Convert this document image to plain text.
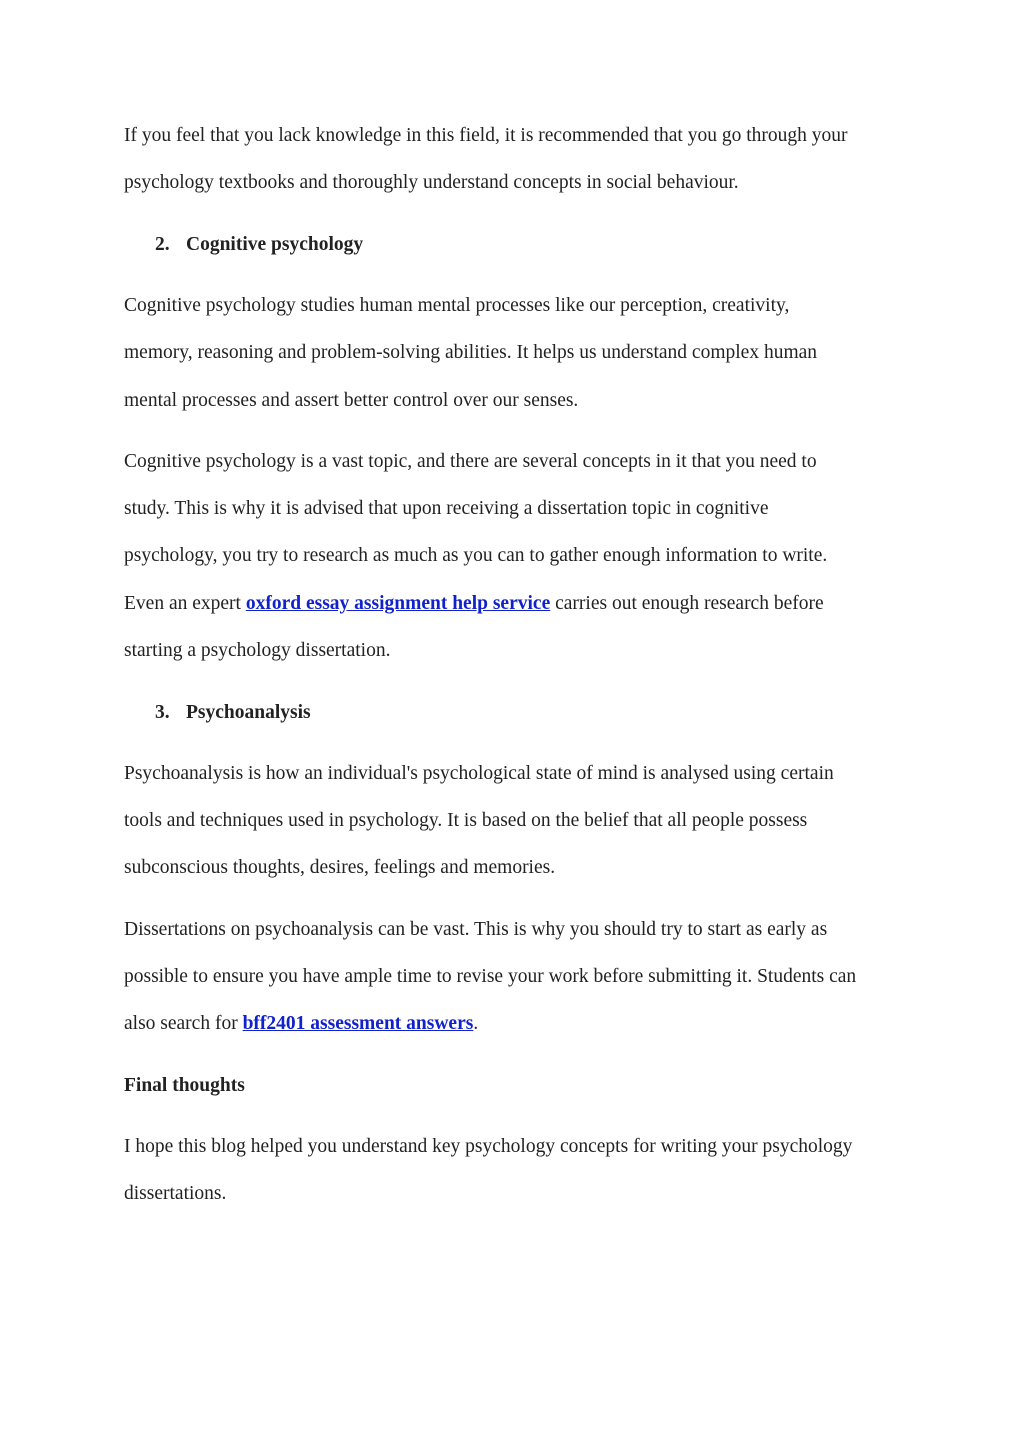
If you feel that you lack knowledge in this field, it is recommended that you go through your
psychology textbooks and thoroughly understand concepts in social behaviour.
2. Cognitive psychology
Cognitive psychology studies human mental processes like our perception, creativity,
memory, reasoning and problem-solving abilities. It helps us understand complex human
mental processes and assert better control over our senses.
Cognitive psychology is a vast topic, and there are several concepts in it that you need to
study. This is why it is advised that upon receiving a dissertation topic in cognitive
psychology, you try to research as much as you can to gather enough information to write.
Even an expert oxford essay assignment help service carries out enough research before
starting a psychology dissertation.
3. Psychoanalysis
Psychoanalysis is how an individual's psychological state of mind is analysed using certain
tools and techniques used in psychology. It is based on the belief that all people possess
subconscious thoughts, desires, feelings and memories.
Dissertations on psychoanalysis can be vast. This is why you should try to start as early as
possible to ensure you have ample time to revise your work before submitting it. Students can
also search for bff2401 assessment answers.
Final thoughts
I hope this blog helped you understand key psychology concepts for writing your psychology
dissertations.
